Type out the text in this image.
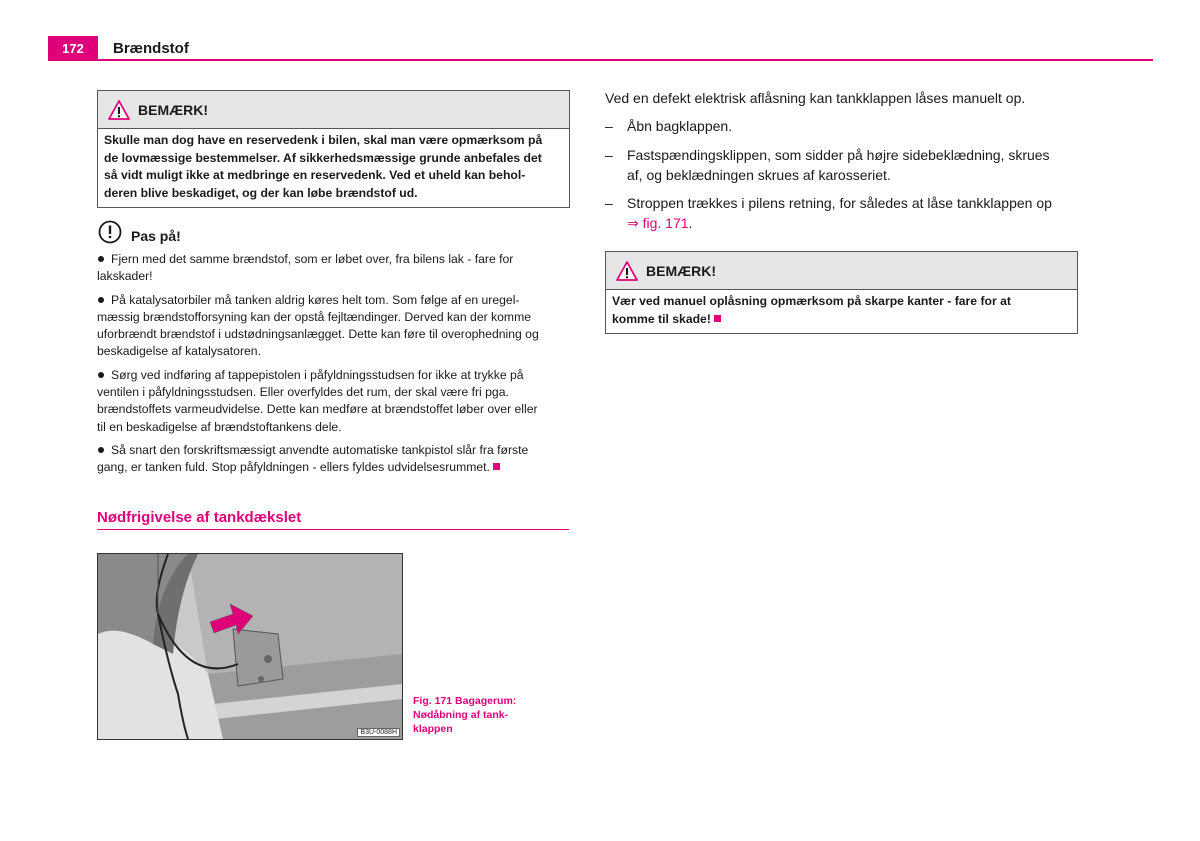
172	Brændstof
BEMÆRK!
Skulle man dog have en reservedenk i bilen, skal man være opmærksom på
de lovmæssige bestemmelser. Af sikkerhedsmæssige grunde anbefales det
så vidt muligt ikke at medbringe en reservedenk. Ved et uheld kan behol-
deren blive beskadiget, og der kan løbe brændstof ud.
Pas på!
Fjern med det samme brændstof, som er løbet over, fra bilens lak - fare for
lakskader!
På katalysatorbiler må tanken aldrig køres helt tom. Som følge af en uregel-
mæssig brændstofforsyning kan der opstå fejltændinger. Derved kan der komme
uforbrændt brændstof i udstødningsanlægget. Dette kan føre til overophedning og
beskadigelse af katalysatoren.
Sørg ved indføring af tappepistolen i påfyldningsstudsen for ikke at trykke på
ventilen i påfyldningsstudsen. Eller overfyldes det rum, der skal være fri pga.
brændstoffets varmeudvidelse. Dette kan medføre at brændstoffet løber over eller
til en beskadigelse af brændstoftankens dele.
Så snart den forskriftsmæssigt anvendte automatiske tankpistol slår fra første
gang, er tanken fuld. Stop påfyldningen - ellers fyldes udvidelsesrummet.
Nødfrigivelse af tankdækslet
B3U-0088H
Fig. 171 Bagagerum:
Nødåbning af tank-
klappen
Ved en defekt elektrisk aflåsning kan tankklappen låses manuelt op.
–	Åbn bagklappen.
–	Fastspændingsklippen, som sidder på højre sidebeklædning, skrues
af, og beklædningen skrues af karosseriet.
–	Stroppen trækkes i pilens retning, for således at låse tankklappen op
⇒ fig. 171.
BEMÆRK!
Vær ved manuel oplåsning opmærksom på skarpe kanter - fare for at
komme til skade!
